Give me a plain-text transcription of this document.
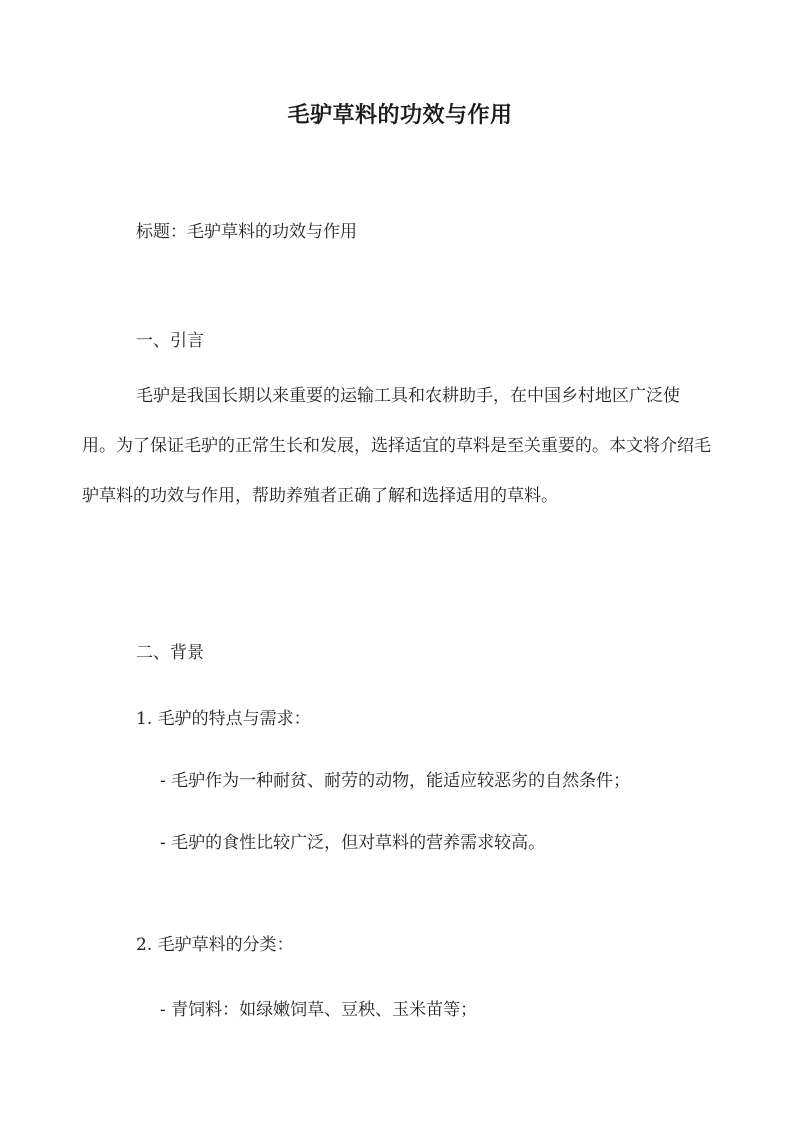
毛驴草料的功效与作用
标题：毛驴草料的功效与作用
一、引言
毛驴是我国长期以来重要的运输工具和农耕助手，在中国乡村地区广泛使用。为了保证毛驴的正常生长和发展，选择适宜的草料是至关重要的。本文将介绍毛驴草料的功效与作用，帮助养殖者正确了解和选择适用的草料。
二、背景
1. 毛驴的特点与需求：
- 毛驴作为一种耐贫、耐劳的动物，能适应较恶劣的自然条件；
- 毛驴的食性比较广泛，但对草料的营养需求较高。
2. 毛驴草料的分类：
- 青饲料：如绿嫩饲草、豆秧、玉米苗等；
